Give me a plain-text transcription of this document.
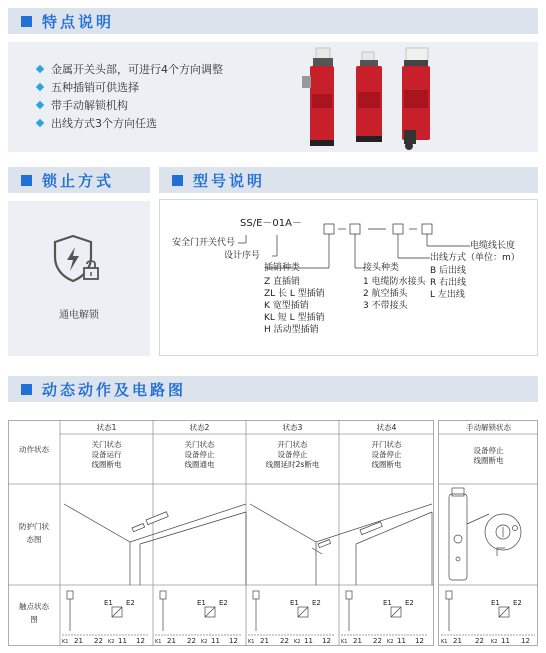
特点说明
金属开关头部，可进行4个方向调整
五种插销可供选择
带手动解锁机构
出线方式3个方向任选
锁止方式
通电解锁
型号说明
SS/E－01A－
安全门开关代号
设计序号
插销种类
Z 直插销
ZL 长 L 型插销
K 宽型插销
KL 短 L 型插销
H 活动型插销
接头种类
1 电缆防水接头
2 航空插头
3 不带接头
出线方式（单位：m）
B 后出线
R 右出线
L 左出线
电缆线长度
动态动作及电路图
动作状态
防护门状态图
触点状态图
状态1
关门状态
设备运行
线圈断电
状态2
关门状态
设备停止
线圈通电
状态3
开门状态
设备停止
线圈延时2s断电
状态4
开门状态
设备停止
线圈断电
手动解锁状态
设备停止
线圈断电
E1 E2
K1 21 22 K2 11 12
E1 E2
K1 21 22 K2 11 12
E1 E2
K1 21 22 K2 11 12
E1 E2
K1 21 22 K2 11 12
E1 E2
K1 21 22 K2 11 12
